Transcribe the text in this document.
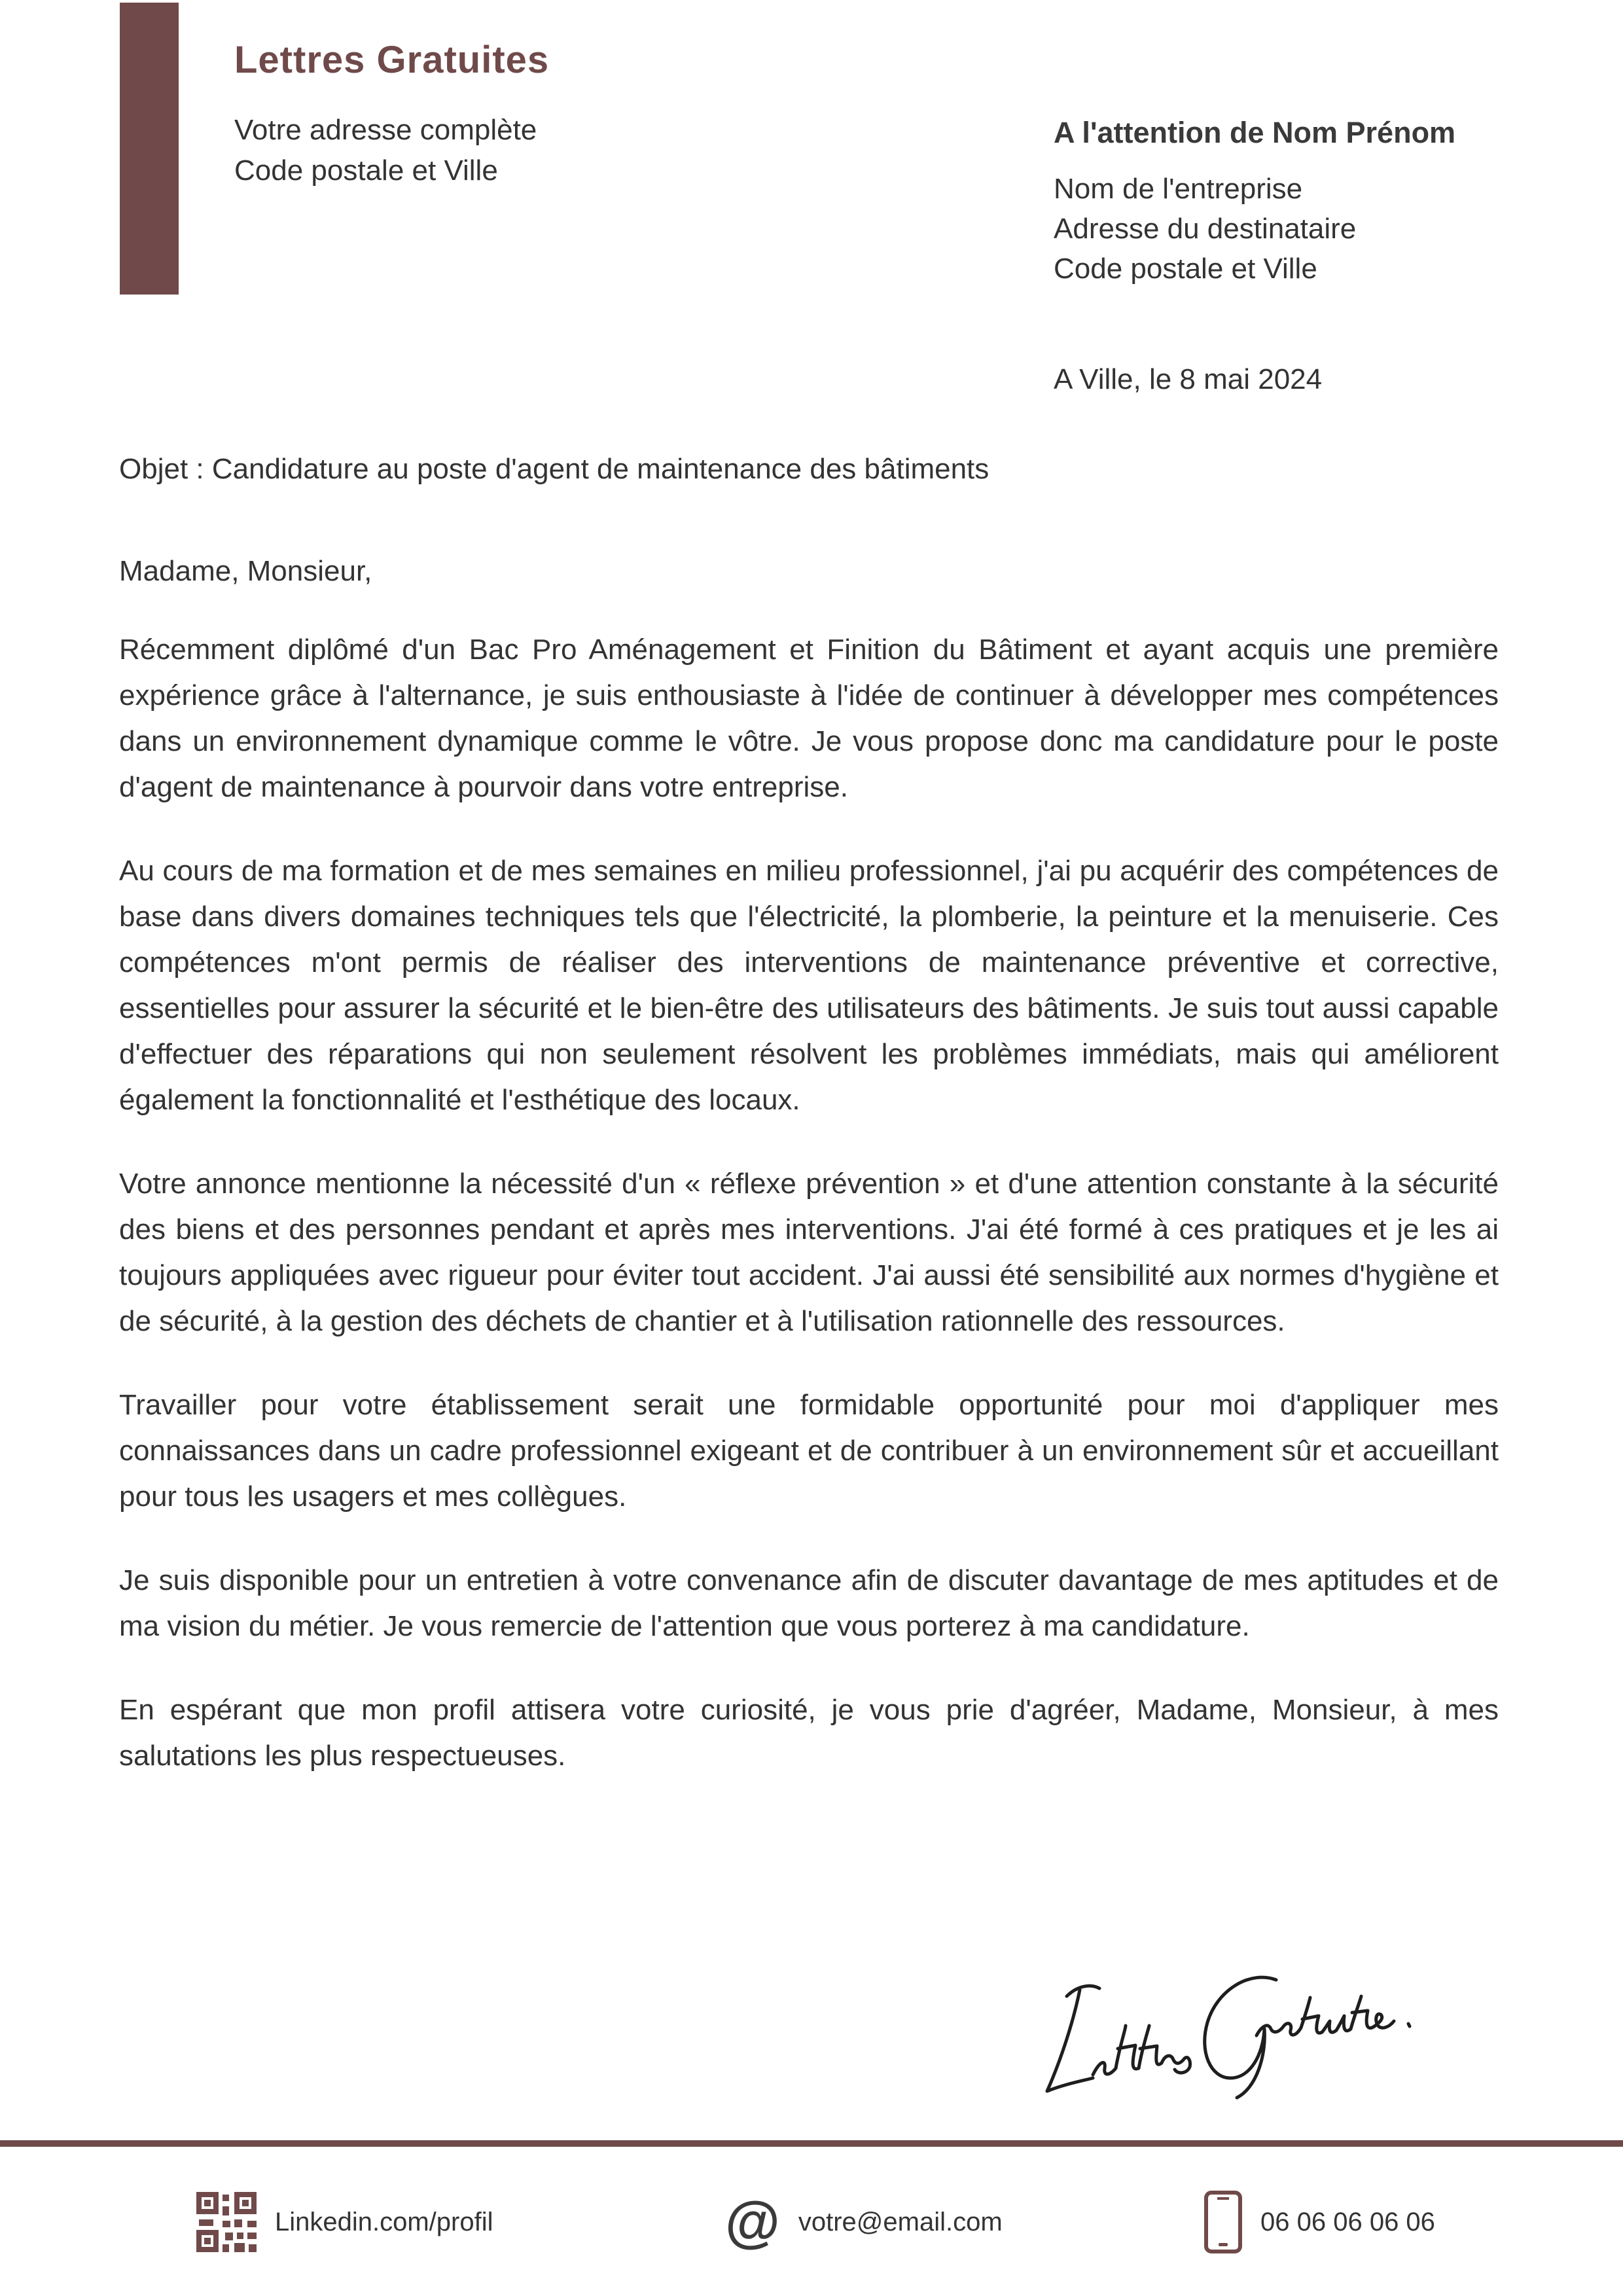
Lettres Gratuites
Votre adresse complète
Code postale et Ville
A l'attention de Nom Prénom
Nom de l'entreprise
Adresse du destinataire
Code postale et Ville
A Ville, le 8 mai 2024
Objet : Candidature au poste d'agent de maintenance des bâtiments

Madame, Monsieur,

Récemment diplômé d'un Bac Pro Aménagement et Finition du Bâtiment et ayant acquis une première expérience grâce à l'alternance, je suis enthousiaste à l'idée de continuer à développer mes compétences dans un environnement dynamique comme le vôtre. Je vous propose donc ma candidature pour le poste d'agent de maintenance à pourvoir dans votre entreprise.

Au cours de ma formation et de mes semaines en milieu professionnel, j'ai pu acquérir des compétences de base dans divers domaines techniques tels que l'électricité, la plomberie, la peinture et la menuiserie. Ces compétences m'ont permis de réaliser des interventions de maintenance préventive et corrective, essentielles pour assurer la sécurité et le bien-être des utilisateurs des bâtiments. Je suis tout aussi capable d'effectuer des réparations qui non seulement résolvent les problèmes immédiats, mais qui améliorent également la fonctionnalité et l'esthétique des locaux.

Votre annonce mentionne la nécessité d'un « réflexe prévention » et d'une attention constante à la sécurité des biens et des personnes pendant et après mes interventions. J'ai été formé à ces pratiques et je les ai toujours appliquées avec rigueur pour éviter tout accident. J'ai aussi été sensibilité aux normes d'hygiène et de sécurité, à la gestion des déchets de chantier et à l'utilisation rationnelle des ressources.

Travailler pour votre établissement serait une formidable opportunité pour moi d'appliquer mes connaissances dans un cadre professionnel exigeant et de contribuer à un environnement sûr et accueillant pour tous les usagers et mes collègues.

Je suis disponible pour un entretien à votre convenance afin de discuter davantage de mes aptitudes et de ma vision du métier. Je vous remercie de l'attention que vous porterez à ma candidature.

En espérant que mon profil attisera votre curiosité, je vous prie d'agréer, Madame, Monsieur, à mes salutations les plus respectueuses.

Linkedin.com/profil	@ votre@email.com	06 06 06 06 06
